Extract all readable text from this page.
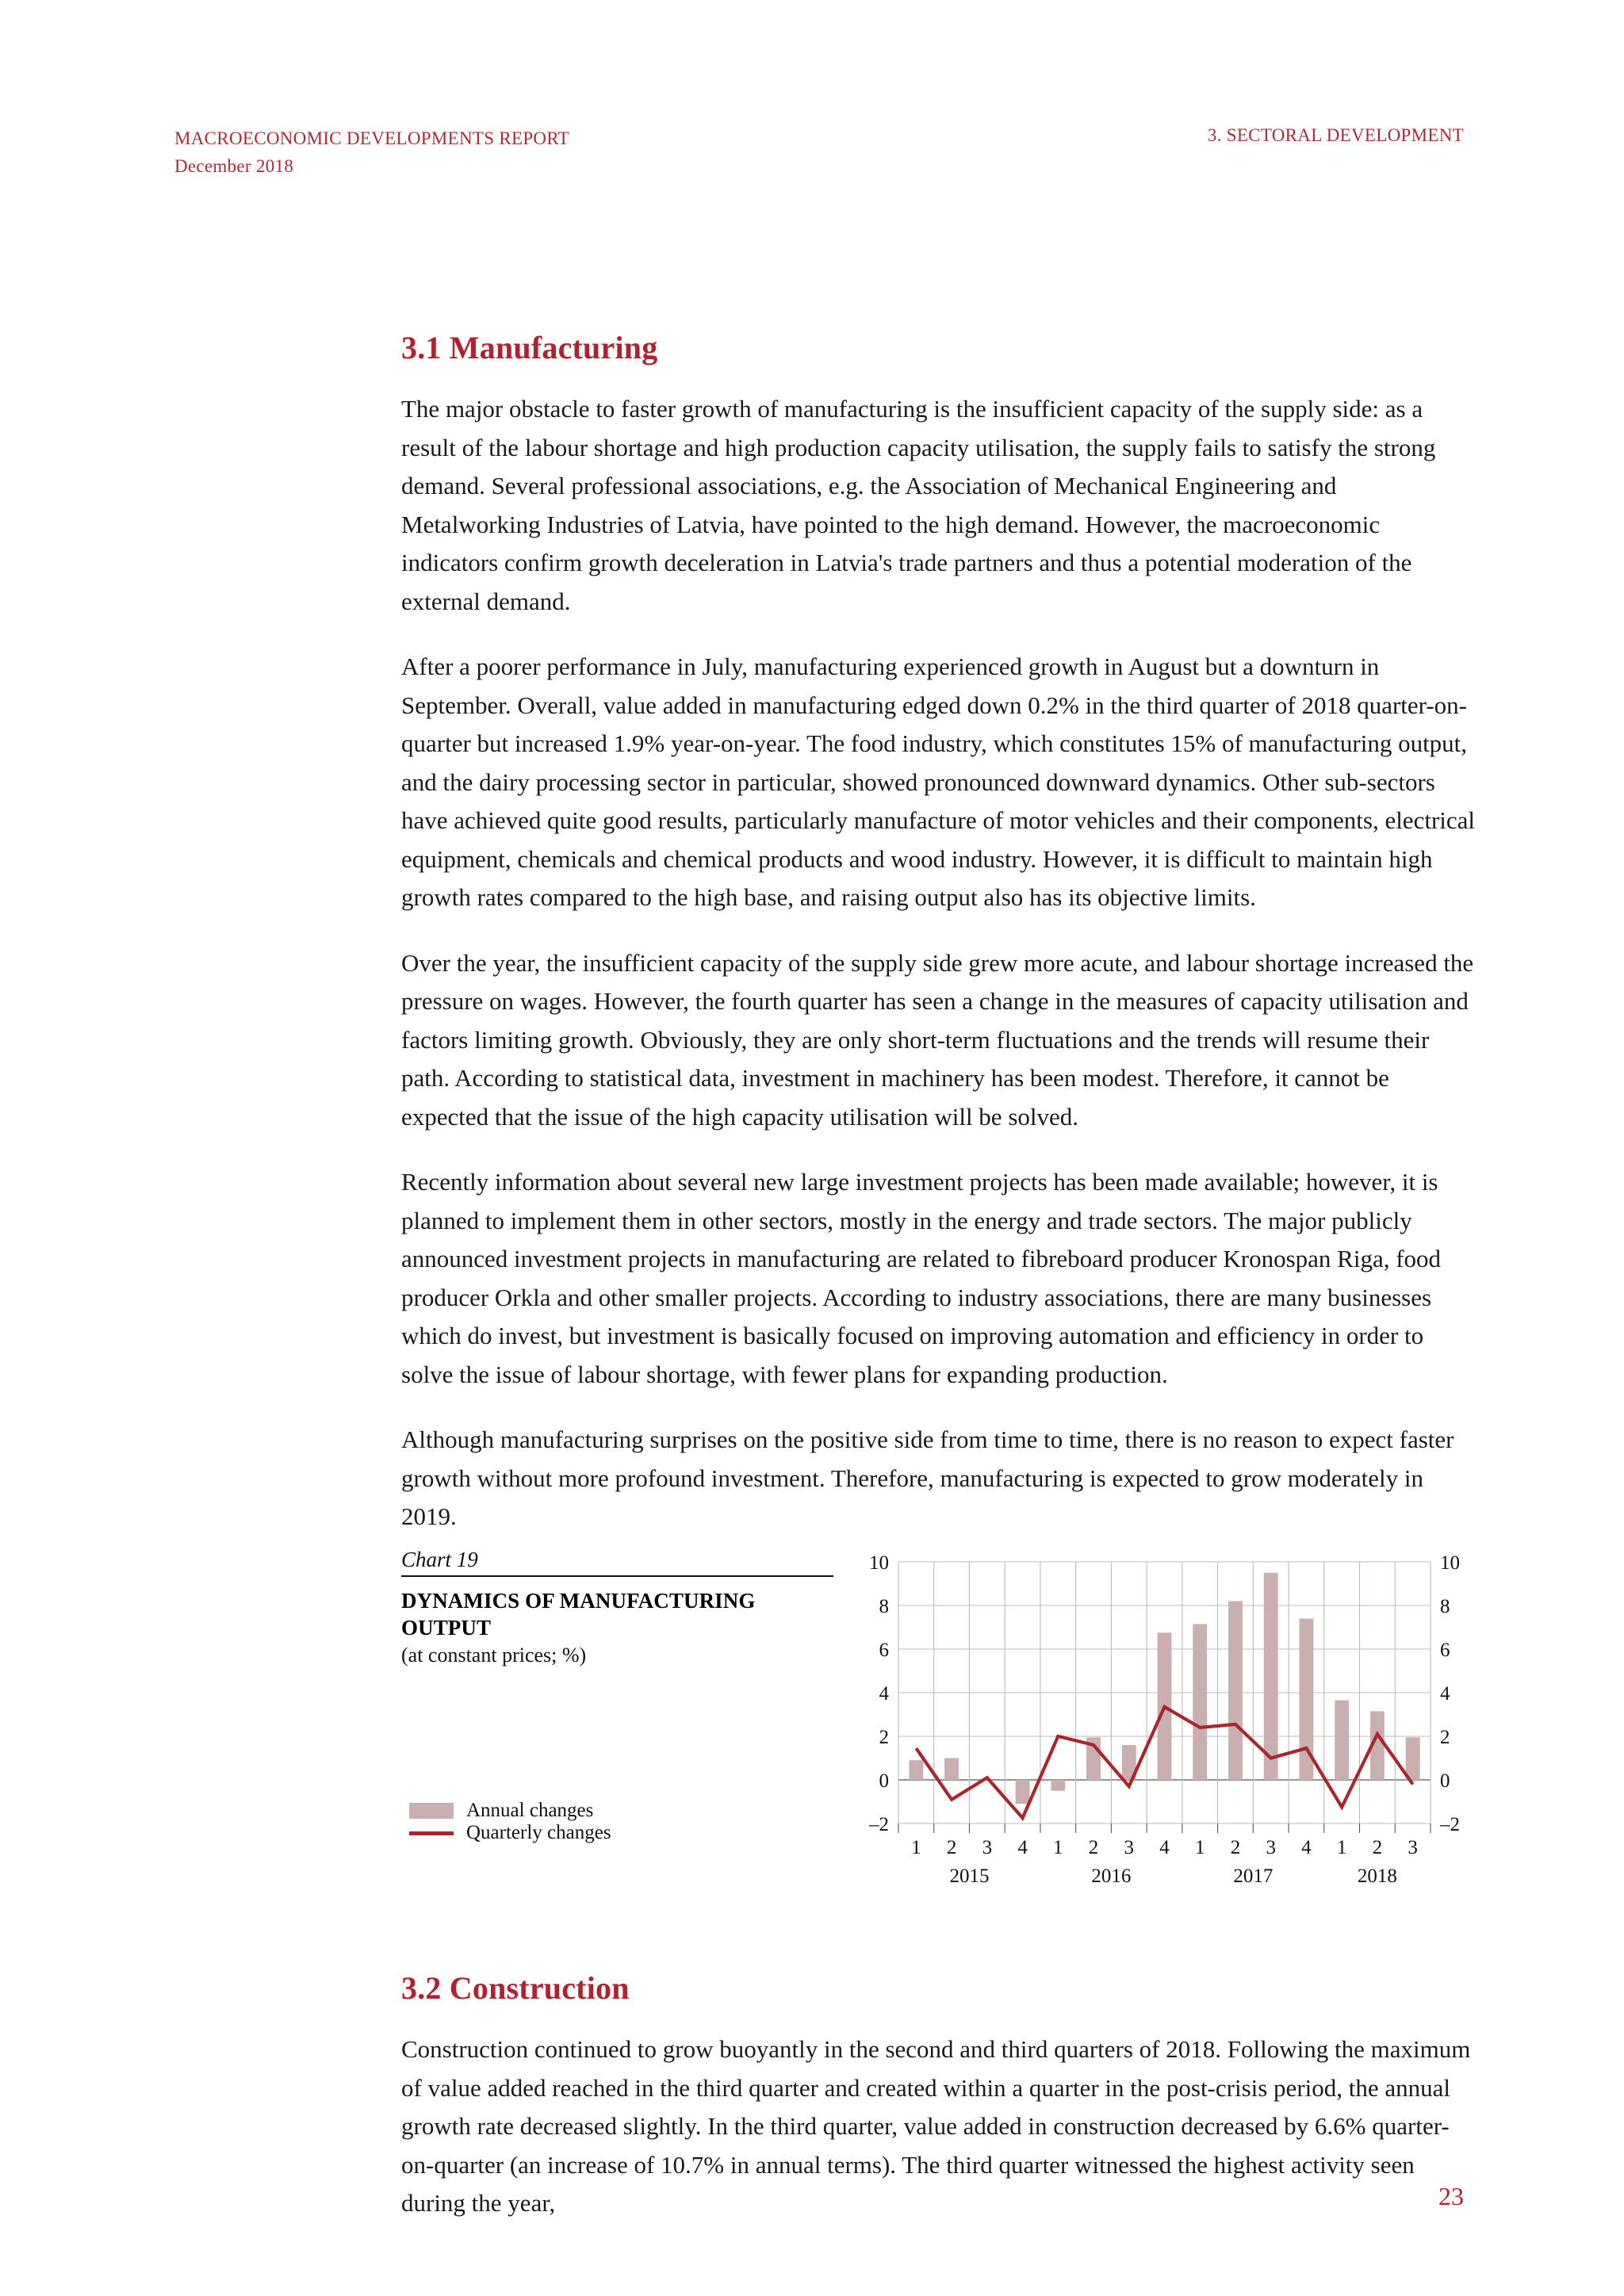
MACROECONOMIC DEVELOPMENTS REPORT
December 2018
3. SECTORAL DEVELOPMENT
3.1 Manufacturing

The major obstacle to faster growth of manufacturing is the insufficient capacity of the supply side: as a result of the labour shortage and high production capacity utilisation, the supply fails to satisfy the strong demand. Several professional associations, e.g. the Association of Mechanical Engineering and Metalworking Industries of Latvia, have pointed to the high demand. However, the macroeconomic indicators confirm growth deceleration in Latvia's trade partners and thus a potential moderation of the external demand.

After a poorer performance in July, manufacturing experienced growth in August but a downturn in September. Overall, value added in manufacturing edged down 0.2% in the third quarter of 2018 quarter-on-quarter but increased 1.9% year-on-year. The food industry, which constitutes 15% of manufacturing output, and the dairy processing sector in particular, showed pronounced downward dynamics. Other sub-sectors have achieved quite good results, particularly manufacture of motor vehicles and their components, electrical equipment, chemicals and chemical products and wood industry. However, it is difficult to maintain high growth rates compared to the high base, and raising output also has its objective limits.

Over the year, the insufficient capacity of the supply side grew more acute, and labour shortage increased the pressure on wages. However, the fourth quarter has seen a change in the measures of capacity utilisation and factors limiting growth. Obviously, they are only short-term fluctuations and the trends will resume their path. According to statistical data, investment in machinery has been modest. Therefore, it cannot be expected that the issue of the high capacity utilisation will be solved.

Recently information about several new large investment projects has been made available; however, it is planned to implement them in other sectors, mostly in the energy and trade sectors. The major publicly announced investment projects in manufacturing are related to fibreboard producer Kronospan Riga, food producer Orkla and other smaller projects. According to industry associations, there are many businesses which do invest, but investment is basically focused on improving automation and efficiency in order to solve the issue of labour shortage, with fewer plans for expanding production.

Although manufacturing surprises on the positive side from time to time, there is no reason to expect faster growth without more profound investment. Therefore, manufacturing is expected to grow moderately in 2019.

Chart 19
DYNAMICS OF MANUFACTURING OUTPUT
(at constant prices; %)
Annual changes
Quarterly changes	–2	–2
0	0
2	2
4	4
6	6
8	8
10	10
1 2 3 4 1 2 3 4 1 2 3 4 1 2 3
2015	2016	2017	2018
3.2 Construction

Construction continued to grow buoyantly in the second and third quarters of 2018. Following the maximum of value added reached in the third quarter and created within a quarter in the post-crisis period, the annual growth rate decreased slightly. In the third quarter, value added in construction decreased by 6.6% quarter-on-quarter (an increase of 10.7% in annual terms). The third quarter witnessed the highest activity seen during the year,	23
